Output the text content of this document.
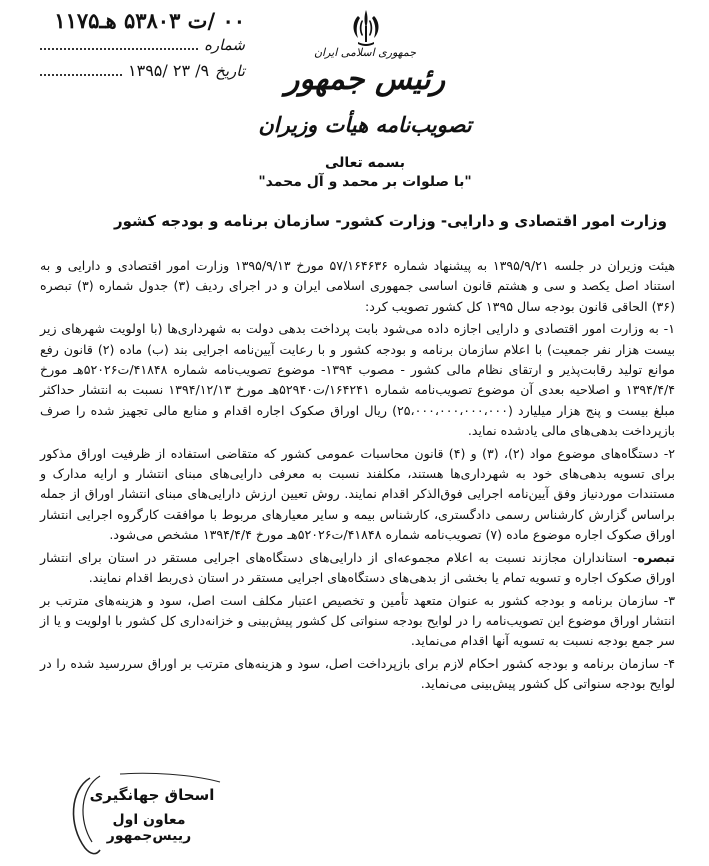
١١٧۵٠٠ /ت ۵٣٨٠٣ هـ
شماره
تاریخ
١٣٩۵/ ٩/ ٢٣
جمهوری اسلامی ایران
رئیس جمهور
تصویب‌نامه هیأت وزیران
بسمه تعالی
"با صلوات بر محمد و آل محمد"
وزارت امور اقتصادی و دارایی- وزارت کشور- سازمان برنامه و بودجه کشور

هیئت وزیران در جلسه ١٣٩۵/٩/٢١ به پیشنهاد شماره ۵٧/١۶۴۶٣۶ مورخ ١٣٩۵/٩/١٣ وزارت امور اقتصادی و دارایی و به استناد اصل یکصد و سی و هشتم قانون اساسی جمهوری اسلامی ایران و در اجرای ردیف (٣) جدول شماره (٣) تبصره (٣۶) الحاقی قانون بودجه سال ١٣٩۵ کل کشور تصویب کرد:

١- به وزارت امور اقتصادی و دارایی اجازه داده می‌شود بابت پرداخت بدهی دولت به شهرداری‌ها (با اولویت شهرهای زیر بیست هزار نفر جمعیت) با اعلام سازمان برنامه و بودجه کشور و با رعایت آیین‌نامه اجرایی بند (ب) ماده (٢) قانون رفع موانع تولید رقابت‌پذیر و ارتقای نظام مالی کشور - مصوب ١٣٩۴- موضوع تصویب‌نامه شماره ۴١۸۴۸/ت۵٢٠٢۶هـ مورخ ١٣٩۴/۴/۴ و اصلاحیه بعدی آن موضوع تصویب‌نامه شماره ١۶۴٢۴١/ت۵٢٩۴٠هـ مورخ ١٣٩۴/١٢/١٣ نسبت به انتشار حداکثر مبلغ بیست و پنج هزار میلیارد (٢۵،٠٠٠،٠٠٠،٠٠٠،٠٠٠) ریال اوراق صکوک اجاره اقدام و منابع مالی تجهیز شده را صرف بازپرداخت بدهی‌های مالی یادشده نماید.

٢- دستگاه‌های موضوع مواد (٢)، (٣) و (۴) قانون محاسبات عمومی کشور که متقاضی استفاده از ظرفیت اوراق مذکور برای تسویه بدهی‌های خود به شهرداری‌ها هستند، مکلفند نسبت به معرفی دارایی‌های مبنای انتشار و ارایه مدارک و مستندات موردنیاز وفق آیین‌نامه اجرایی فوق‌الذکر اقدام نمایند. روش تعیین ارزش دارایی‌های مبنای انتشار اوراق از جمله براساس گزارش کارشناس رسمی دادگستری، کارشناس بیمه و سایر معیارهای مربوط با موافقت کارگروه اجرایی انتشار اوراق صکوک اجاره موضوع ماده (٧) تصویب‌نامه شماره ۴١۸۴۸/ت۵٢٠٢۶هـ مورخ ١٣٩۴/۴/۴ مشخص می‌شود.

تبصره- استانداران مجازند نسبت به اعلام مجموعه‌ای از دارایی‌های دستگاه‌های اجرایی مستقر در استان برای انتشار اوراق صکوک اجاره و تسویه تمام یا بخشی از بدهی‌های دستگاه‌های اجرایی مستقر در استان ذی‌ربط اقدام نمایند.

٣- سازمان برنامه و بودجه کشور به عنوان متعهد تأمین و تخصیص اعتبار مکلف است اصل، سود و هزینه‌های مترتب بر انتشار اوراق موضوع این تصویب‌نامه را در لوایح بودجه سنواتی کل کشور پیش‌بینی و خزانه‌داری کل کشور با اولویت و یا از سر جمع بودجه نسبت به تسویه آنها اقدام می‌نماید.

۴- سازمان برنامه و بودجه کشور احکام لازم برای بازپرداخت اصل، سود و هزینه‌های مترتب بر اوراق سررسید شده را در لوایح بودجه سنواتی کل کشور پیش‌بینی می‌نماید.

اسحاق جهانگیری
معاون اول رییس‌جمهور
